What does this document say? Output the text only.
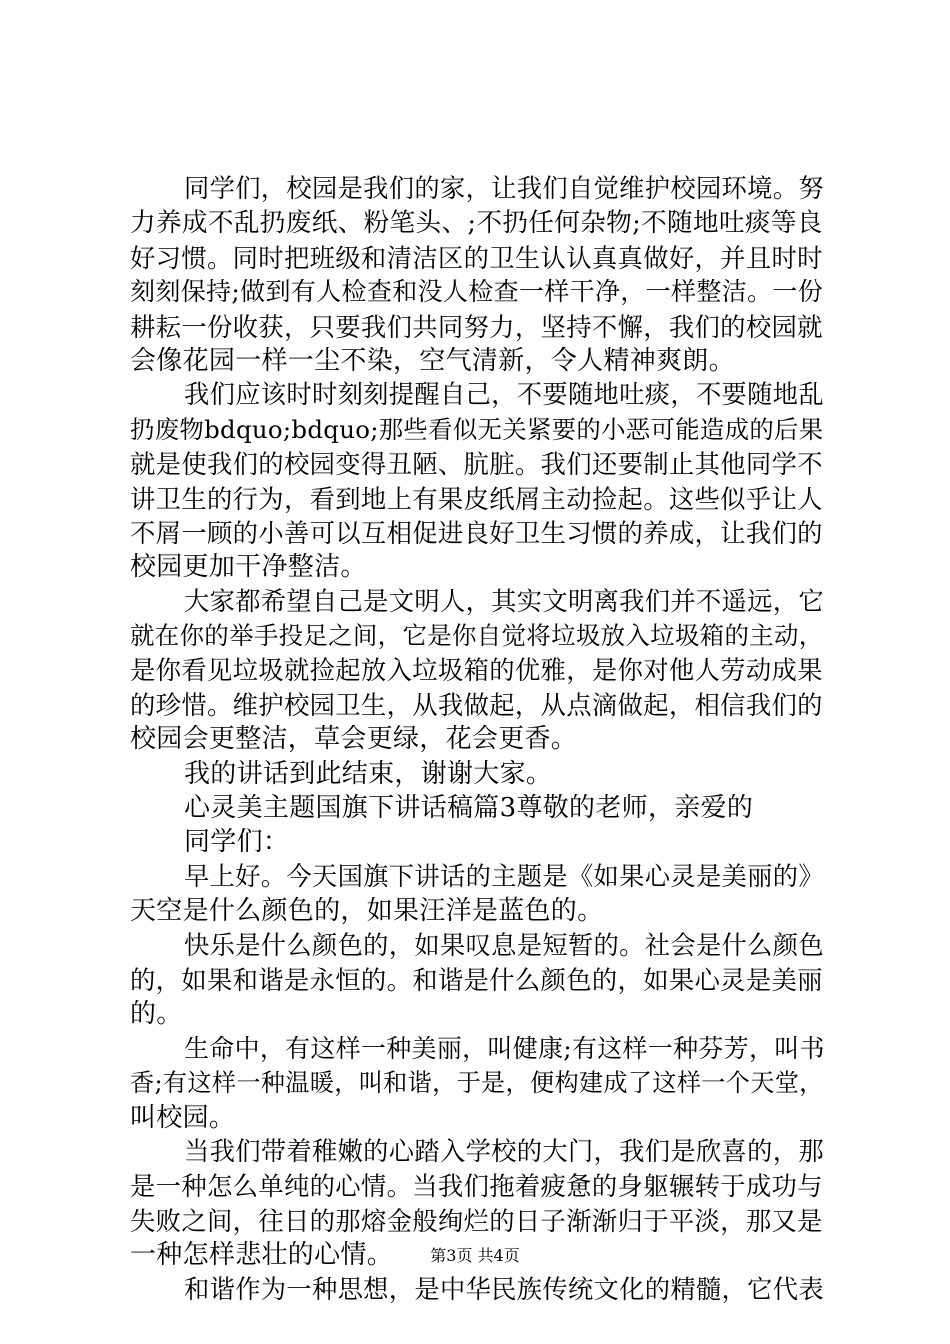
同学们，校园是我们的家，让我们自觉维护校园环境。努
力养成不乱扔废纸、粉笔头、;不扔任何杂物;不随地吐痰等良
好习惯。同时把班级和清洁区的卫生认认真真做好，并且时时
刻刻保持;做到有人检查和没人检查一样干净，一样整洁。一份
耕耘一份收获，只要我们共同努力，坚持不懈，我们的校园就
会像花园一样一尘不染，空气清新，令人精神爽朗。
我们应该时时刻刻提醒自己，不要随地吐痰，不要随地乱
扔废物bdquo;bdquo;那些看似无关紧要的小恶可能造成的后果
就是使我们的校园变得丑陋、肮脏。我们还要制止其他同学不
讲卫生的行为，看到地上有果皮纸屑主动捡起。这些似乎让人
不屑一顾的小善可以互相促进良好卫生习惯的养成，让我们的
校园更加干净整洁。
大家都希望自己是文明人，其实文明离我们并不遥远，它
就在你的举手投足之间，它是你自觉将垃圾放入垃圾箱的主动，
是你看见垃圾就捡起放入垃圾箱的优雅，是你对他人劳动成果
的珍惜。维护校园卫生，从我做起，从点滴做起，相信我们的
校园会更整洁，草会更绿，花会更香。
我的讲话到此结束，谢谢大家。
心灵美主题国旗下讲话稿篇3尊敬的老师，亲爱的
同学们：
早上好。今天国旗下讲话的主题是《如果心灵是美丽的》
天空是什么颜色的，如果汪洋是蓝色的。
快乐是什么颜色的，如果叹息是短暂的。社会是什么颜色
的，如果和谐是永恒的。和谐是什么颜色的，如果心灵是美丽
的。
生命中，有这样一种美丽，叫健康;有这样一种芬芳，叫书
香;有这样一种温暖，叫和谐，于是，便构建成了这样一个天堂，
叫校园。
当我们带着稚嫩的心踏入学校的大门，我们是欣喜的，那
是一种怎么单纯的心情。当我们拖着疲惫的身躯辗转于成功与
失败之间，往日的那熔金般绚烂的日子渐渐归于平淡，那又是
一种怎样悲壮的心情。
和谐作为一种思想，是中华民族传统文化的精髓，它代表
第3页 共4页
